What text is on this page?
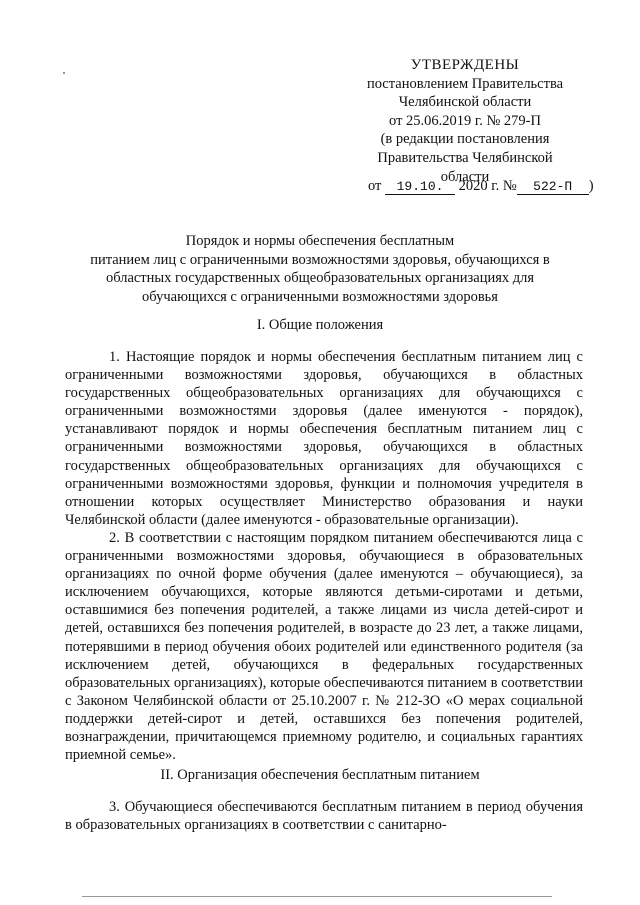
УТВЕРЖДЕНЫ
постановлением Правительства
Челябинской области
от 25.06.2019 г. № 279-П
(в редакции постановления
Правительства Челябинской
области
от 19.10. 2020 г. № 522-П )
Порядок и нормы обеспечения бесплатным
питанием лиц с ограниченными возможностями здоровья, обучающихся в
областных государственных общеобразовательных организациях для
обучающихся с ограниченными возможностями здоровья
I. Общие положения

1. Настоящие порядок и нормы обеспечения бесплатным питанием лиц с ограниченными возможностями здоровья, обучающихся в областных государственных общеобразовательных организациях для обучающихся с ограниченными возможностями здоровья (далее именуются - порядок), устанавливают порядок и нормы обеспечения бесплатным питанием лиц с ограниченными возможностями здоровья, обучающихся в областных государственных общеобразовательных организациях для обучающихся с ограниченными возможностями здоровья, функции и полномочия учредителя в отношении которых осуществляет Министерство образования и науки Челябинской области (далее именуются - образовательные организации).

2. В соответствии с настоящим порядком питанием обеспечиваются лица с ограниченными возможностями здоровья, обучающиеся в образовательных организациях по очной форме обучения (далее именуются – обучающиеся), за исключением обучающихся, которые являются детьми-сиротами и детьми, оставшимися без попечения родителей, а также лицами из числа детей-сирот и детей, оставшихся без попечения родителей, в возрасте до 23 лет, а также лицами, потерявшими в период обучения обоих родителей или единственного родителя (за исключением детей, обучающихся в федеральных государственных образовательных организациях), которые обеспечиваются питанием в соответствии с Законом Челябинской области от 25.10.2007 г. № 212-ЗО «О мерах социальной поддержки детей-сирот и детей, оставшихся без попечения родителей, вознаграждении, причитающемся приемному родителю, и социальных гарантиях приемной семье».

II. Организация обеспечения бесплатным питанием

3. Обучающиеся обеспечиваются бесплатным питанием в период обучения в образовательных организациях в соответствии с санитарно-
